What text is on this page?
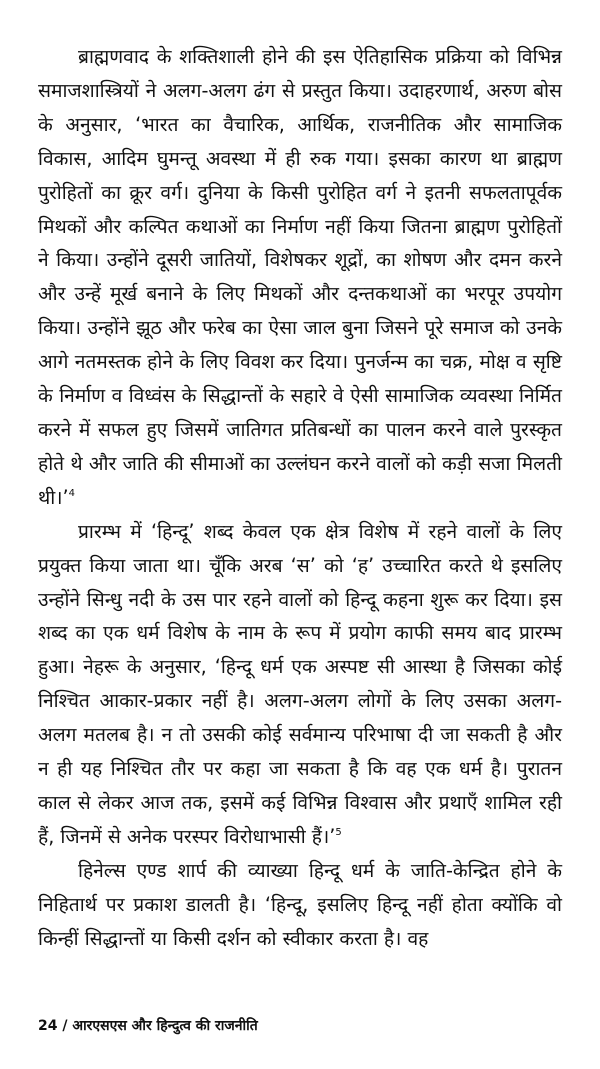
ब्राह्मणवाद के शक्तिशाली होने की इस ऐतिहासिक प्रक्रिया को विभिन्न समाजशास्त्रियों ने अलग-अलग ढंग से प्रस्तुत किया। उदाहरणार्थ, अरुण बोस के अनुसार, ‘भारत का वैचारिक, आर्थिक, राजनीतिक और सामाजिक विकास, आदिम घुमन्तू अवस्था में ही रुक गया। इसका कारण था ब्राह्मण पुरोहितों का क्रूर वर्ग। दुनिया के किसी पुरोहित वर्ग ने इतनी सफलतापूर्वक मिथकों और कल्पित कथाओं का निर्माण नहीं किया जितना ब्राह्मण पुरोहितों ने किया। उन्होंने दूसरी जातियों, विशेषकर शूद्रों, का शोषण और दमन करने और उन्हें मूर्ख बनाने के लिए मिथकों और दन्तकथाओं का भरपूर उपयोग किया। उन्होंने झूठ और फरेब का ऐसा जाल बुना जिसने पूरे समाज को उनके आगे नतमस्तक होने के लिए विवश कर दिया। पुनर्जन्म का चक्र, मोक्ष व सृष्टि के निर्माण व विध्वंस के सिद्धान्तों के सहारे वे ऐसी सामाजिक व्यवस्था निर्मित करने में सफल हुए जिसमें जातिगत प्रतिबन्धों का पालन करने वाले पुरस्कृत होते थे और जाति की सीमाओं का उल्लंघन करने वालों को कड़ी सजा मिलती थी।’$^4$

प्रारम्भ में ‘हिन्दू’ शब्द केवल एक क्षेत्र विशेष में रहने वालों के लिए प्रयुक्त किया जाता था। चूँकि अरब ‘स’ को ‘ह’ उच्चारित करते थे इसलिए उन्होंने सिन्धु नदी के उस पार रहने वालों को हिन्दू कहना शुरू कर दिया। इस शब्द का एक धर्म विशेष के नाम के रूप में प्रयोग काफी समय बाद प्रारम्भ हुआ। नेहरू के अनुसार, ‘हिन्दू धर्म एक अस्पष्ट सी आस्था है जिसका कोई निश्चित आकार-प्रकार नहीं है। अलग-अलग लोगों के लिए उसका अलग-अलग मतलब है। न तो उसकी कोई सर्वमान्य परिभाषा दी जा सकती है और न ही यह निश्चित तौर पर कहा जा सकता है कि वह एक धर्म है। पुरातन काल से लेकर आज तक, इसमें कई विभिन्न विश्वास और प्रथाएँ शामिल रही हैं, जिनमें से अनेक परस्पर विरोधाभासी हैं।’$^5$

हिनेल्स एण्ड शार्प की व्याख्या हिन्दू धर्म के जाति-केन्द्रित होने के निहितार्थ पर प्रकाश डालती है। ‘हिन्दू, इसलिए हिन्दू नहीं होता क्योंकि वो किन्हीं सिद्धान्तों या किसी दर्शन को स्वीकार करता है। वह

24 / आरएसएस और हिन्दुत्व की राजनीति
